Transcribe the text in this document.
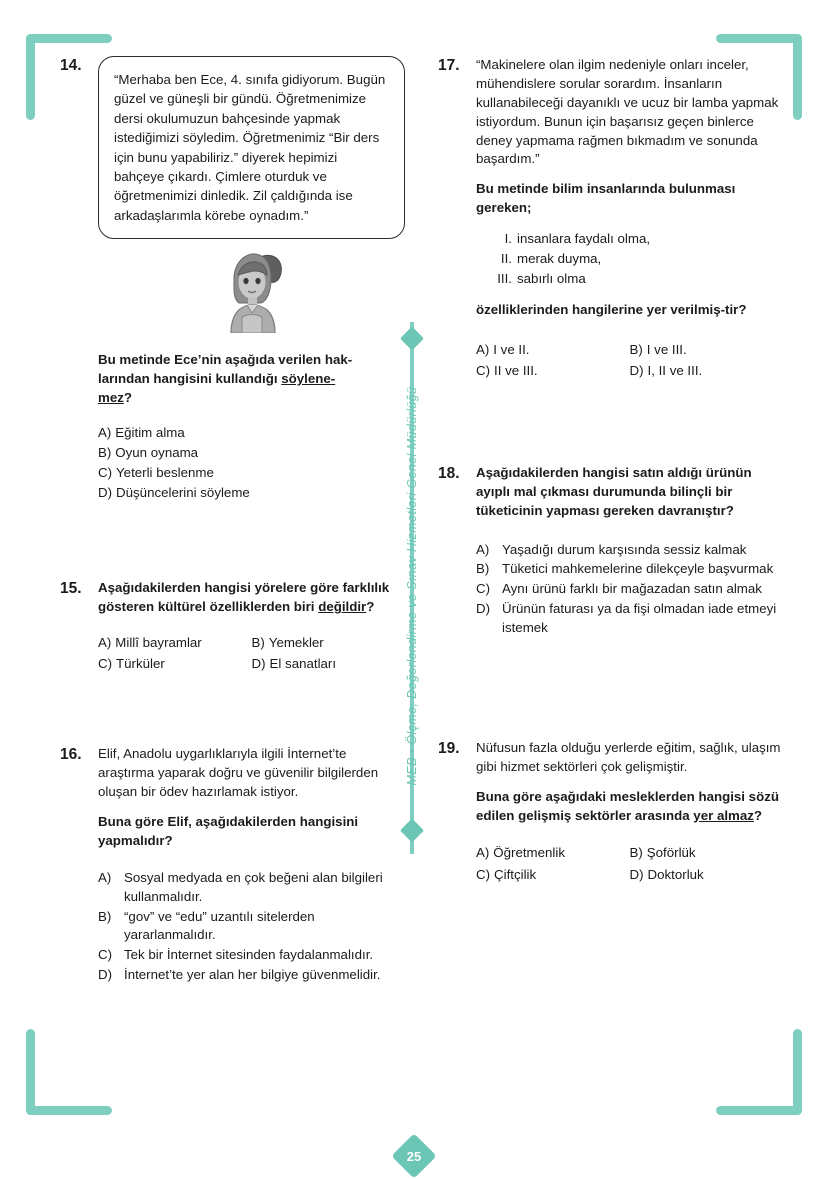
MEB • Ölçme, Değerlendirme ve Sınav Hizmetleri Genel Müdürlüğü
25
14.

“Merhaba ben Ece, 4. sınıfa gidiyorum. Bugün güzel ve güneşli bir gündü. Öğretmenimize dersi okulumuzun bahçesinde yapmak istediğimizi söyledim. Öğretmenimiz “Bir ders için bunu yapabiliriz.” diyerek hepimizi bahçeye çıkardı. Çimlere oturduk ve öğretmenimizi dinledik. Zil çaldığında ise arkadaşlarımla körebe oynadım.”

Bu metinde Ece’nin aşağıda verilen hak-
larından hangisini kullandığı söylene-
mez?

A) Eğitim alma
B) Oyun oynama
C) Yeterli beslenme
D) Düşüncelerini söyleme
15.	Aşağıdakilerden hangisi yörelere göre farklılık gösteren kültürel özelliklerden biri değildir?

A) Millî bayramlar	B) Yemekler
C) Türküler	D) El sanatları
16.	Elif, Anadolu uygarlıklarıyla ilgili İnternet’te araştırma yaparak doğru ve güvenilir bilgilerden oluşan bir ödev hazırlamak istiyor.

Buna göre Elif, aşağıdakilerden hangisini yapmalıdır?

A) Sosyal medyada en çok beğeni alan bilgileri kullanmalıdır.
B) “gov” ve “edu” uzantılı sitelerden yararlanmalıdır.
C) Tek bir İnternet sitesinden faydalanmalıdır.
D) İnternet’te yer alan her bilgiye güvenmelidir.
17.	“Makinelere olan ilgim nedeniyle onları inceler, mühendislere sorular sorardım. İnsanların kullanabileceği dayanıklı ve ucuz bir lamba yapmak istiyordum. Bunun için başarısız geçen binlerce deney yapmama rağmen bıkmadım ve sonunda başardım.”

Bu metinde bilim insanlarında bulunması gereken;

I. insanlara faydalı olma,
II. merak duyma,
III. sabırlı olma

özelliklerinden hangilerine yer verilmiş-tir?

A) I ve II.	B) I ve III.
C) II ve III.	D) I, II ve III.
18.	Aşağıdakilerden hangisi satın aldığı ürünün ayıplı mal çıkması durumunda bilinçli bir tüketicinin yapması gereken davranıştır?

A) Yaşadığı durum karşısında sessiz kalmak
B) Tüketici mahkemelerine dilekçeyle başvurmak
C) Aynı ürünü farklı bir mağazadan satın almak
D) Ürünün faturası ya da fişi olmadan iade etmeyi istemek
19.	Nüfusun fazla olduğu yerlerde eğitim, sağlık, ulaşım gibi hizmet sektörleri çok gelişmiştir.

Buna göre aşağıdaki mesleklerden hangisi sözü edilen gelişmiş sektörler arasında yer almaz?

A) Öğretmenlik	B) Şoförlük
C) Çiftçilik	D) Doktorluk
